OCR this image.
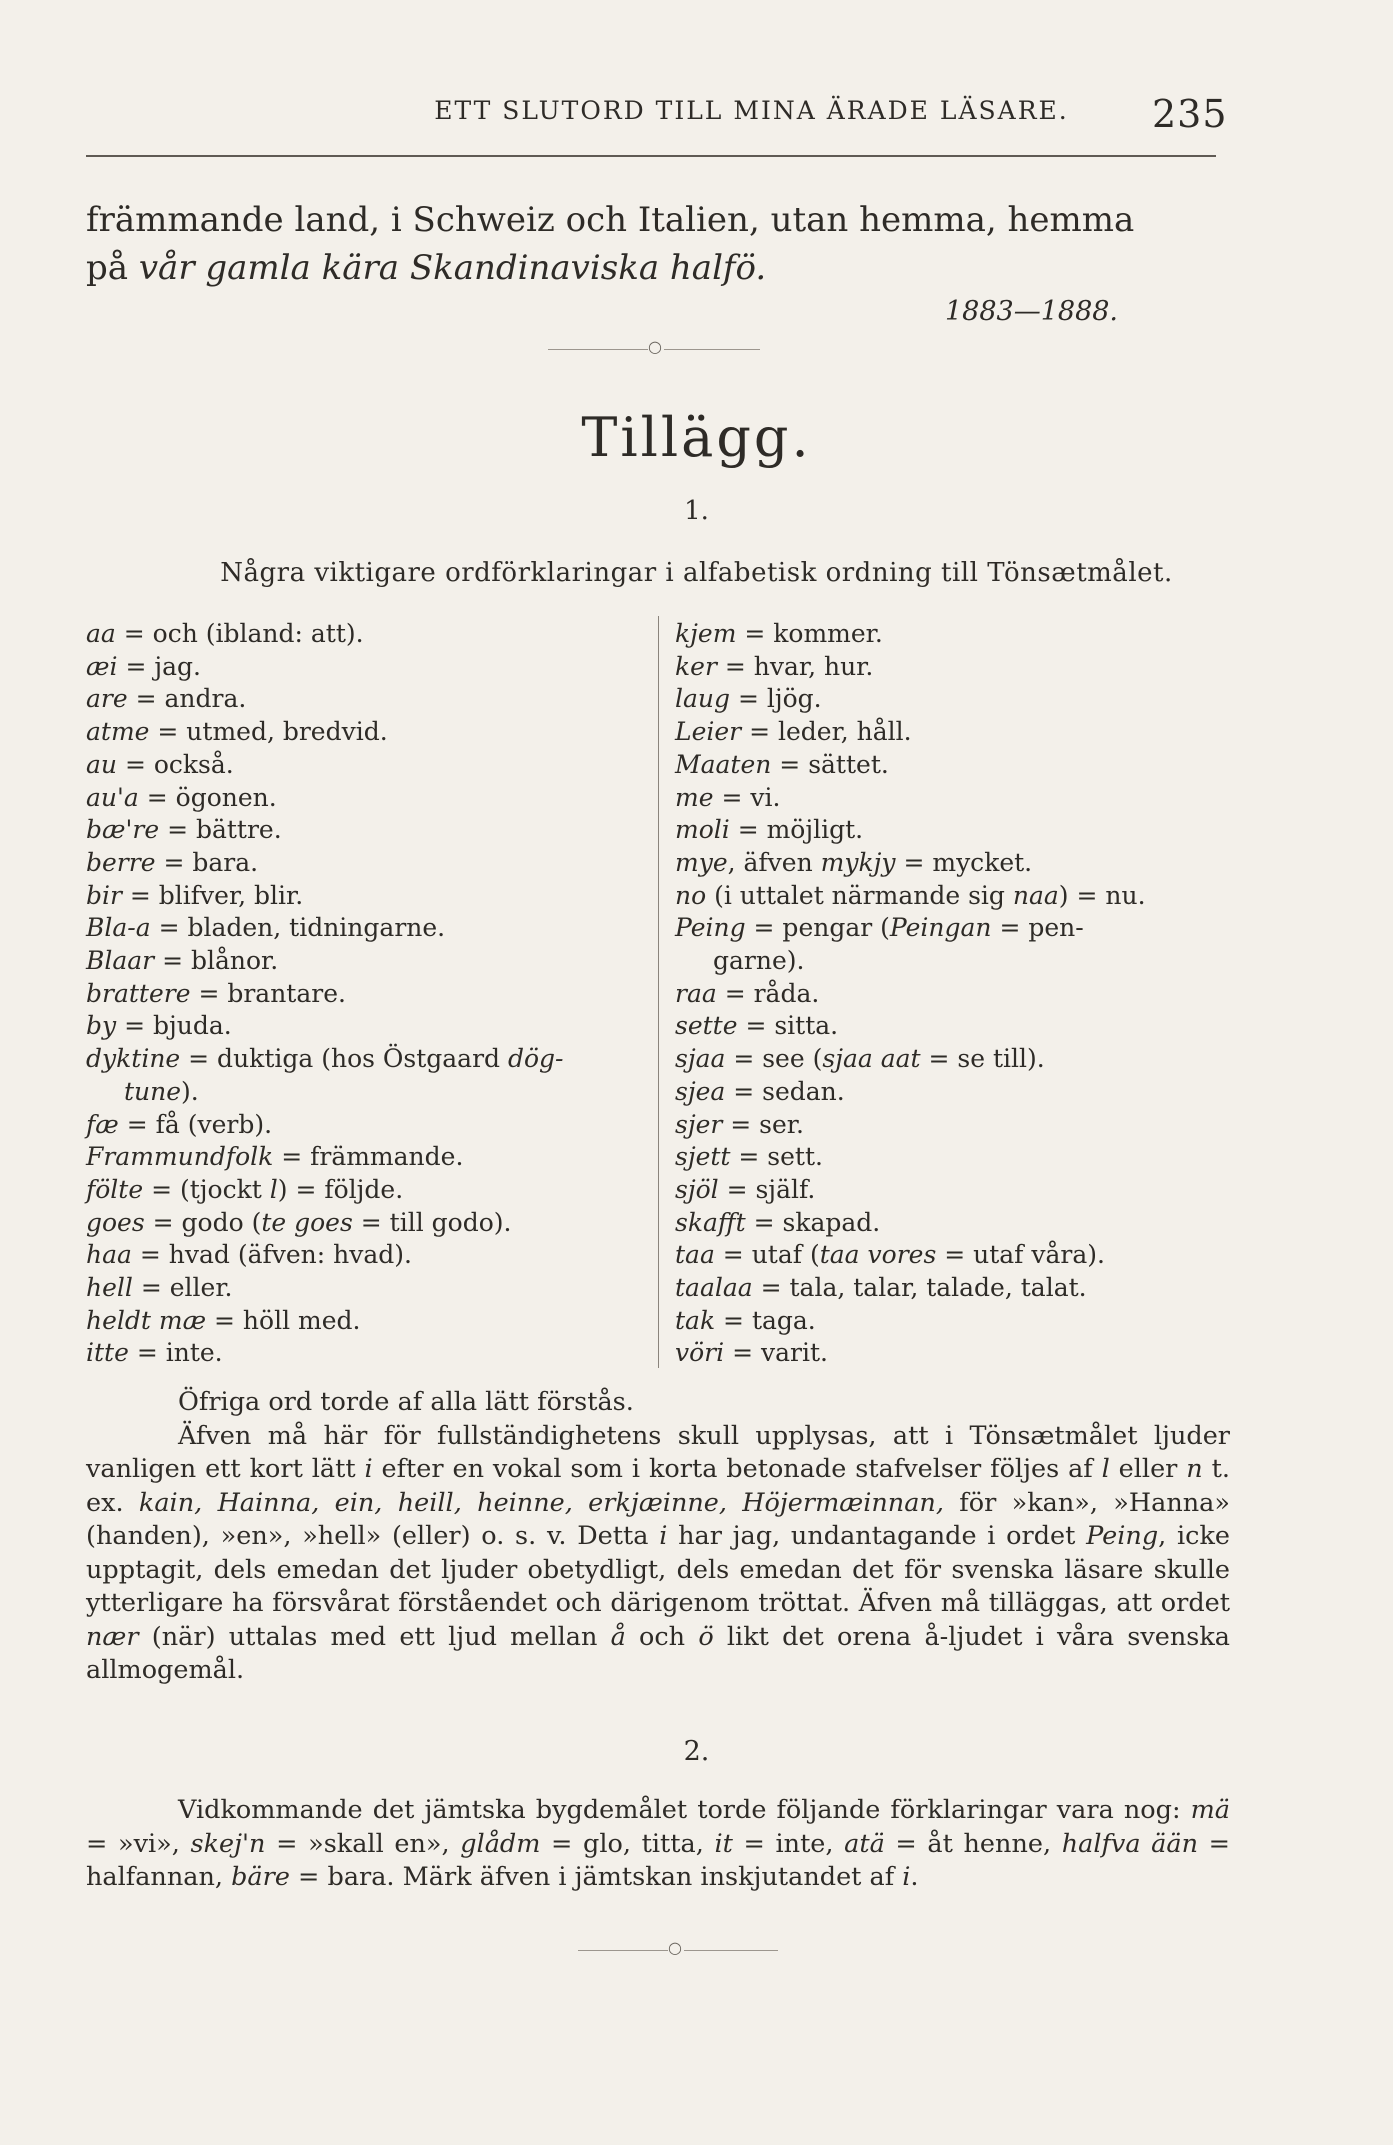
ETT SLUTORD TILL MINA ÄRADE LÄSARE.	235
främmande land, i Schweiz och Italien, utan hemma, hemma
på vår gamla kära Skandinaviska halfö.
1883—1888.
○
Tillägg.
1.
Några viktigare ordförklaringar i alfabetisk ordning till Tönsætmålet.
aa = och (ibland: att).
æi = jag.
are = andra.
atme = utmed, bredvid.
au = också.
au'a = ögonen.
bæ're = bättre.
berre = bara.
bir = blifver, blir.
Bla-a = bladen, tidningarne.
Blaar = blånor.
brattere = brantare.
by = bjuda.
dyktine = duktiga (hos Östgaard dög-
tune).
fæ = få (verb).
Frammundfolk = främmande.
fölte = (tjockt l) = följde.
goes = godo (te goes = till godo).
haa = hvad (äfven: hvad).
hell = eller.
heldt mæ = höll med.
itte = inte.
kjem = kommer.
ker = hvar, hur.
laug = ljög.
Leier = leder, håll.
Maaten = sättet.
me = vi.
moli = möjligt.
mye, äfven mykjy = mycket.
no (i uttalet närmande sig naa) = nu.
Peing = pengar (Peingan = pen-
garne).
raa = råda.
sette = sitta.
sjaa = see (sjaa aat = se till).
sjea = sedan.
sjer = ser.
sjett = sett.
sjöl = själf.
skafft = skapad.
taa = utaf (taa vores = utaf våra).
taalaa = tala, talar, talade, talat.
tak = taga.
vöri = varit.

Öfriga ord torde af alla lätt förstås.

Äfven må här för fullständighetens skull upplysas, att i Tönsætmålet ljuder vanligen ett kort lätt i efter en vokal som i korta betonade stafvelser följes af l eller n t. ex. kain, Hainna, ein, heill, heinne, erkjæinne, Höjermæinnan, för »kan», »Hanna» (handen), »en», »hell» (eller) o. s. v. Detta i har jag, undantagande i ordet Peing, icke upptagit, dels emedan det ljuder obetydligt, dels emedan det för svenska läsare skulle ytterligare ha försvårat förståendet och därigenom tröttat. Äfven må tilläggas, att ordet nær (när) uttalas med ett ljud mellan å och ö likt det orena å-ljudet i våra svenska allmogemål.

2.

Vidkommande det jämtska bygdemålet torde följande förklaringar vara nog: mä = »vi», skej'n = »skall en», glådm = glo, titta, it = inte, atä = åt henne, halfva ään = halfannan, bäre = bara. Märk äfven i jämtskan inskjutandet af i.

○
